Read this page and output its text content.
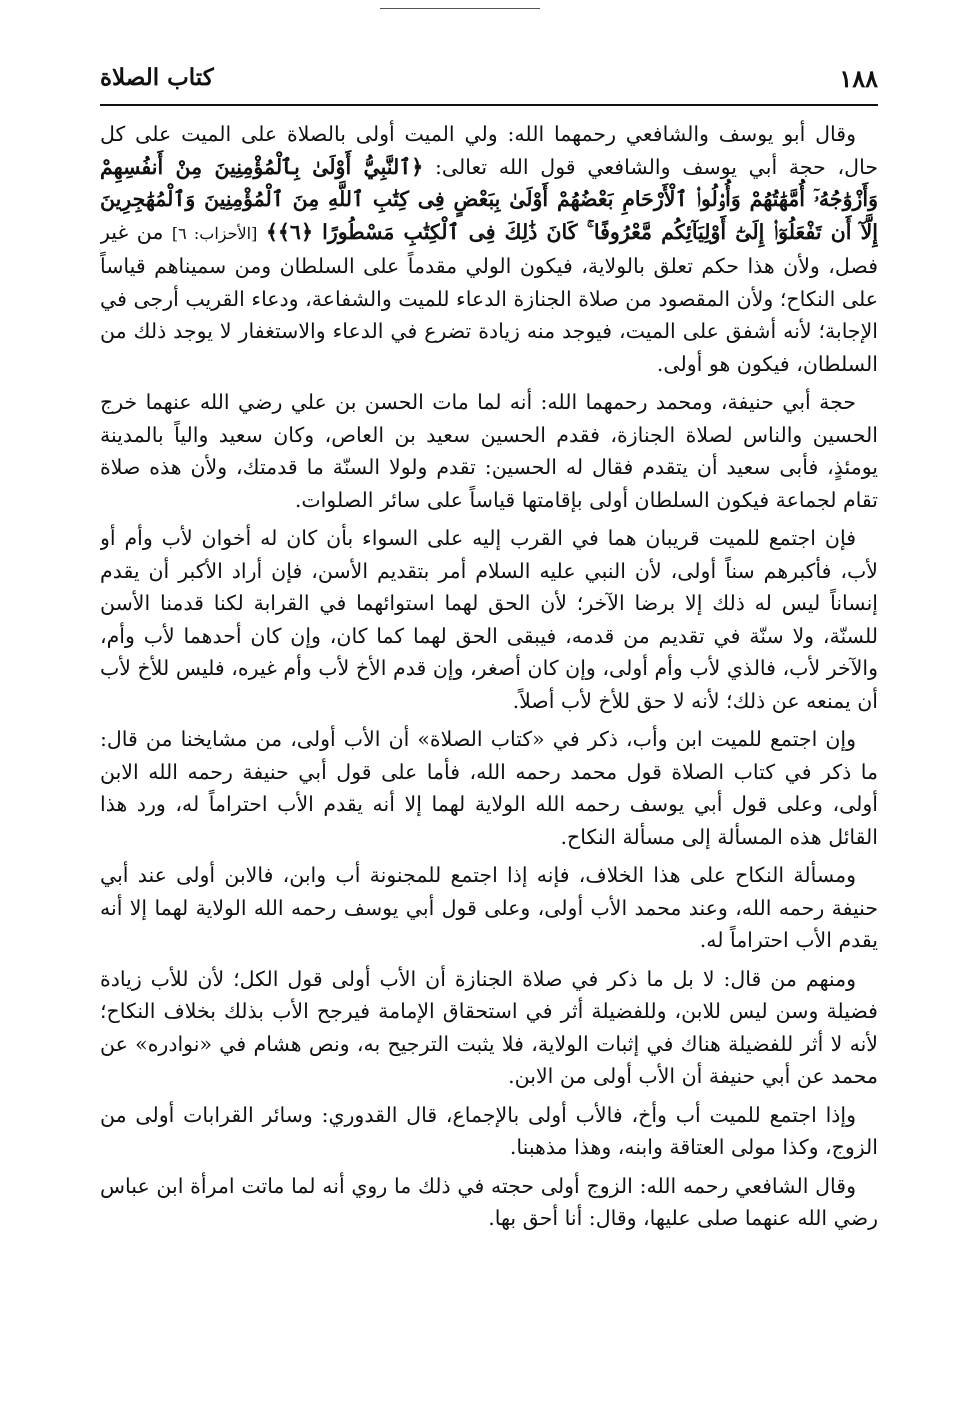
١٨٨
كتاب الصلاة

وقال أبو يوسف والشافعي رحمهما الله: ولي الميت أولى بالصلاة على الميت على كل حال، حجة أبي يوسف والشافعي قول الله تعالى: ﴿ٱلنَّبِيُّ أَوْلَىٰ بِٱلْمُؤْمِنِينَ مِنْ أَنفُسِهِمْ وَأَزْوَٰجُهُۥٓ أُمَّهَٰتُهُمْ وَأُو۟لُوا۟ ٱلْأَرْحَامِ بَعْضُهُمْ أَوْلَىٰ بِبَعْضٍ فِى كِتَٰبِ ٱللَّهِ مِنَ ٱلْمُؤْمِنِينَ وَٱلْمُهَٰجِرِينَ إِلَّآ أَن تَفْعَلُوٓا۟ إِلَىٰٓ أَوْلِيَآئِكُم مَّعْرُوفًا ۚ كَانَ ذَٰلِكَ فِى ٱلْكِتَٰبِ مَسْطُورًا ﴿٦﴾﴾ [الأحزاب: ٦] من غير فصل، ولأن هذا حكم تعلق بالولاية، فيكون الولي مقدماً على السلطان ومن سميناهم قياساً على النكاح؛ ولأن المقصود من صلاة الجنازة الدعاء للميت والشفاعة، ودعاء القريب أرجى في الإجابة؛ لأنه أشفق على الميت، فيوجد منه زيادة تضرع في الدعاء والاستغفار لا يوجد ذلك من السلطان، فيكون هو أولى.

حجة أبي حنيفة، ومحمد رحمهما الله: أنه لما مات الحسن بن علي رضي الله عنهما خرج الحسين والناس لصلاة الجنازة، فقدم الحسين سعيد بن العاص، وكان سعيد والياً بالمدينة يومئذٍ، فأبى سعيد أن يتقدم فقال له الحسين: تقدم ولولا السنّة ما قدمتك، ولأن هذه صلاة تقام لجماعة فيكون السلطان أولى بإقامتها قياساً على سائر الصلوات.

فإن اجتمع للميت قريبان هما في القرب إليه على السواء بأن كان له أخوان لأب وأم أو لأب، فأكبرهم سناً أولى، لأن النبي عليه السلام أمر بتقديم الأسن، فإن أراد الأكبر أن يقدم إنساناً ليس له ذلك إلا برضا الآخر؛ لأن الحق لهما استوائهما في القرابة لكنا قدمنا الأسن للسنّة، ولا سنّة في تقديم من قدمه، فيبقى الحق لهما كما كان، وإن كان أحدهما لأب وأم، والآخر لأب، فالذي لأب وأم أولى، وإن كان أصغر، وإن قدم الأخ لأب وأم غيره، فليس للأخ لأب أن يمنعه عن ذلك؛ لأنه لا حق للأخ لأب أصلاً.

وإن اجتمع للميت ابن وأب، ذكر في «كتاب الصلاة» أن الأب أولى، من مشايخنا من قال: ما ذكر في كتاب الصلاة قول محمد رحمه الله، فأما على قول أبي حنيفة رحمه الله الابن أولى، وعلى قول أبي يوسف رحمه الله الولاية لهما إلا أنه يقدم الأب احتراماً له، ورد هذا القائل هذه المسألة إلى مسألة النكاح.

ومسألة النكاح على هذا الخلاف، فإنه إذا اجتمع للمجنونة أب وابن، فالابن أولى عند أبي حنيفة رحمه الله، وعند محمد الأب أولى، وعلى قول أبي يوسف رحمه الله الولاية لهما إلا أنه يقدم الأب احتراماً له.

ومنهم من قال: لا بل ما ذكر في صلاة الجنازة أن الأب أولى قول الكل؛ لأن للأب زيادة فضيلة وسن ليس للابن، وللفضيلة أثر في استحقاق الإمامة فيرجح الأب بذلك بخلاف النكاح؛ لأنه لا أثر للفضيلة هناك في إثبات الولاية، فلا يثبت الترجيح به، ونص هشام في «نوادره» عن محمد عن أبي حنيفة أن الأب أولى من الابن.

وإذا اجتمع للميت أب وأخ، فالأب أولى بالإجماع، قال القدوري: وسائر القرابات أولى من الزوج، وكذا مولى العتاقة وابنه، وهذا مذهبنا.

وقال الشافعي رحمه الله: الزوج أولى حجته في ذلك ما روي أنه لما ماتت امرأة ابن عباس رضي الله عنهما صلى عليها، وقال: أنا أحق بها.
